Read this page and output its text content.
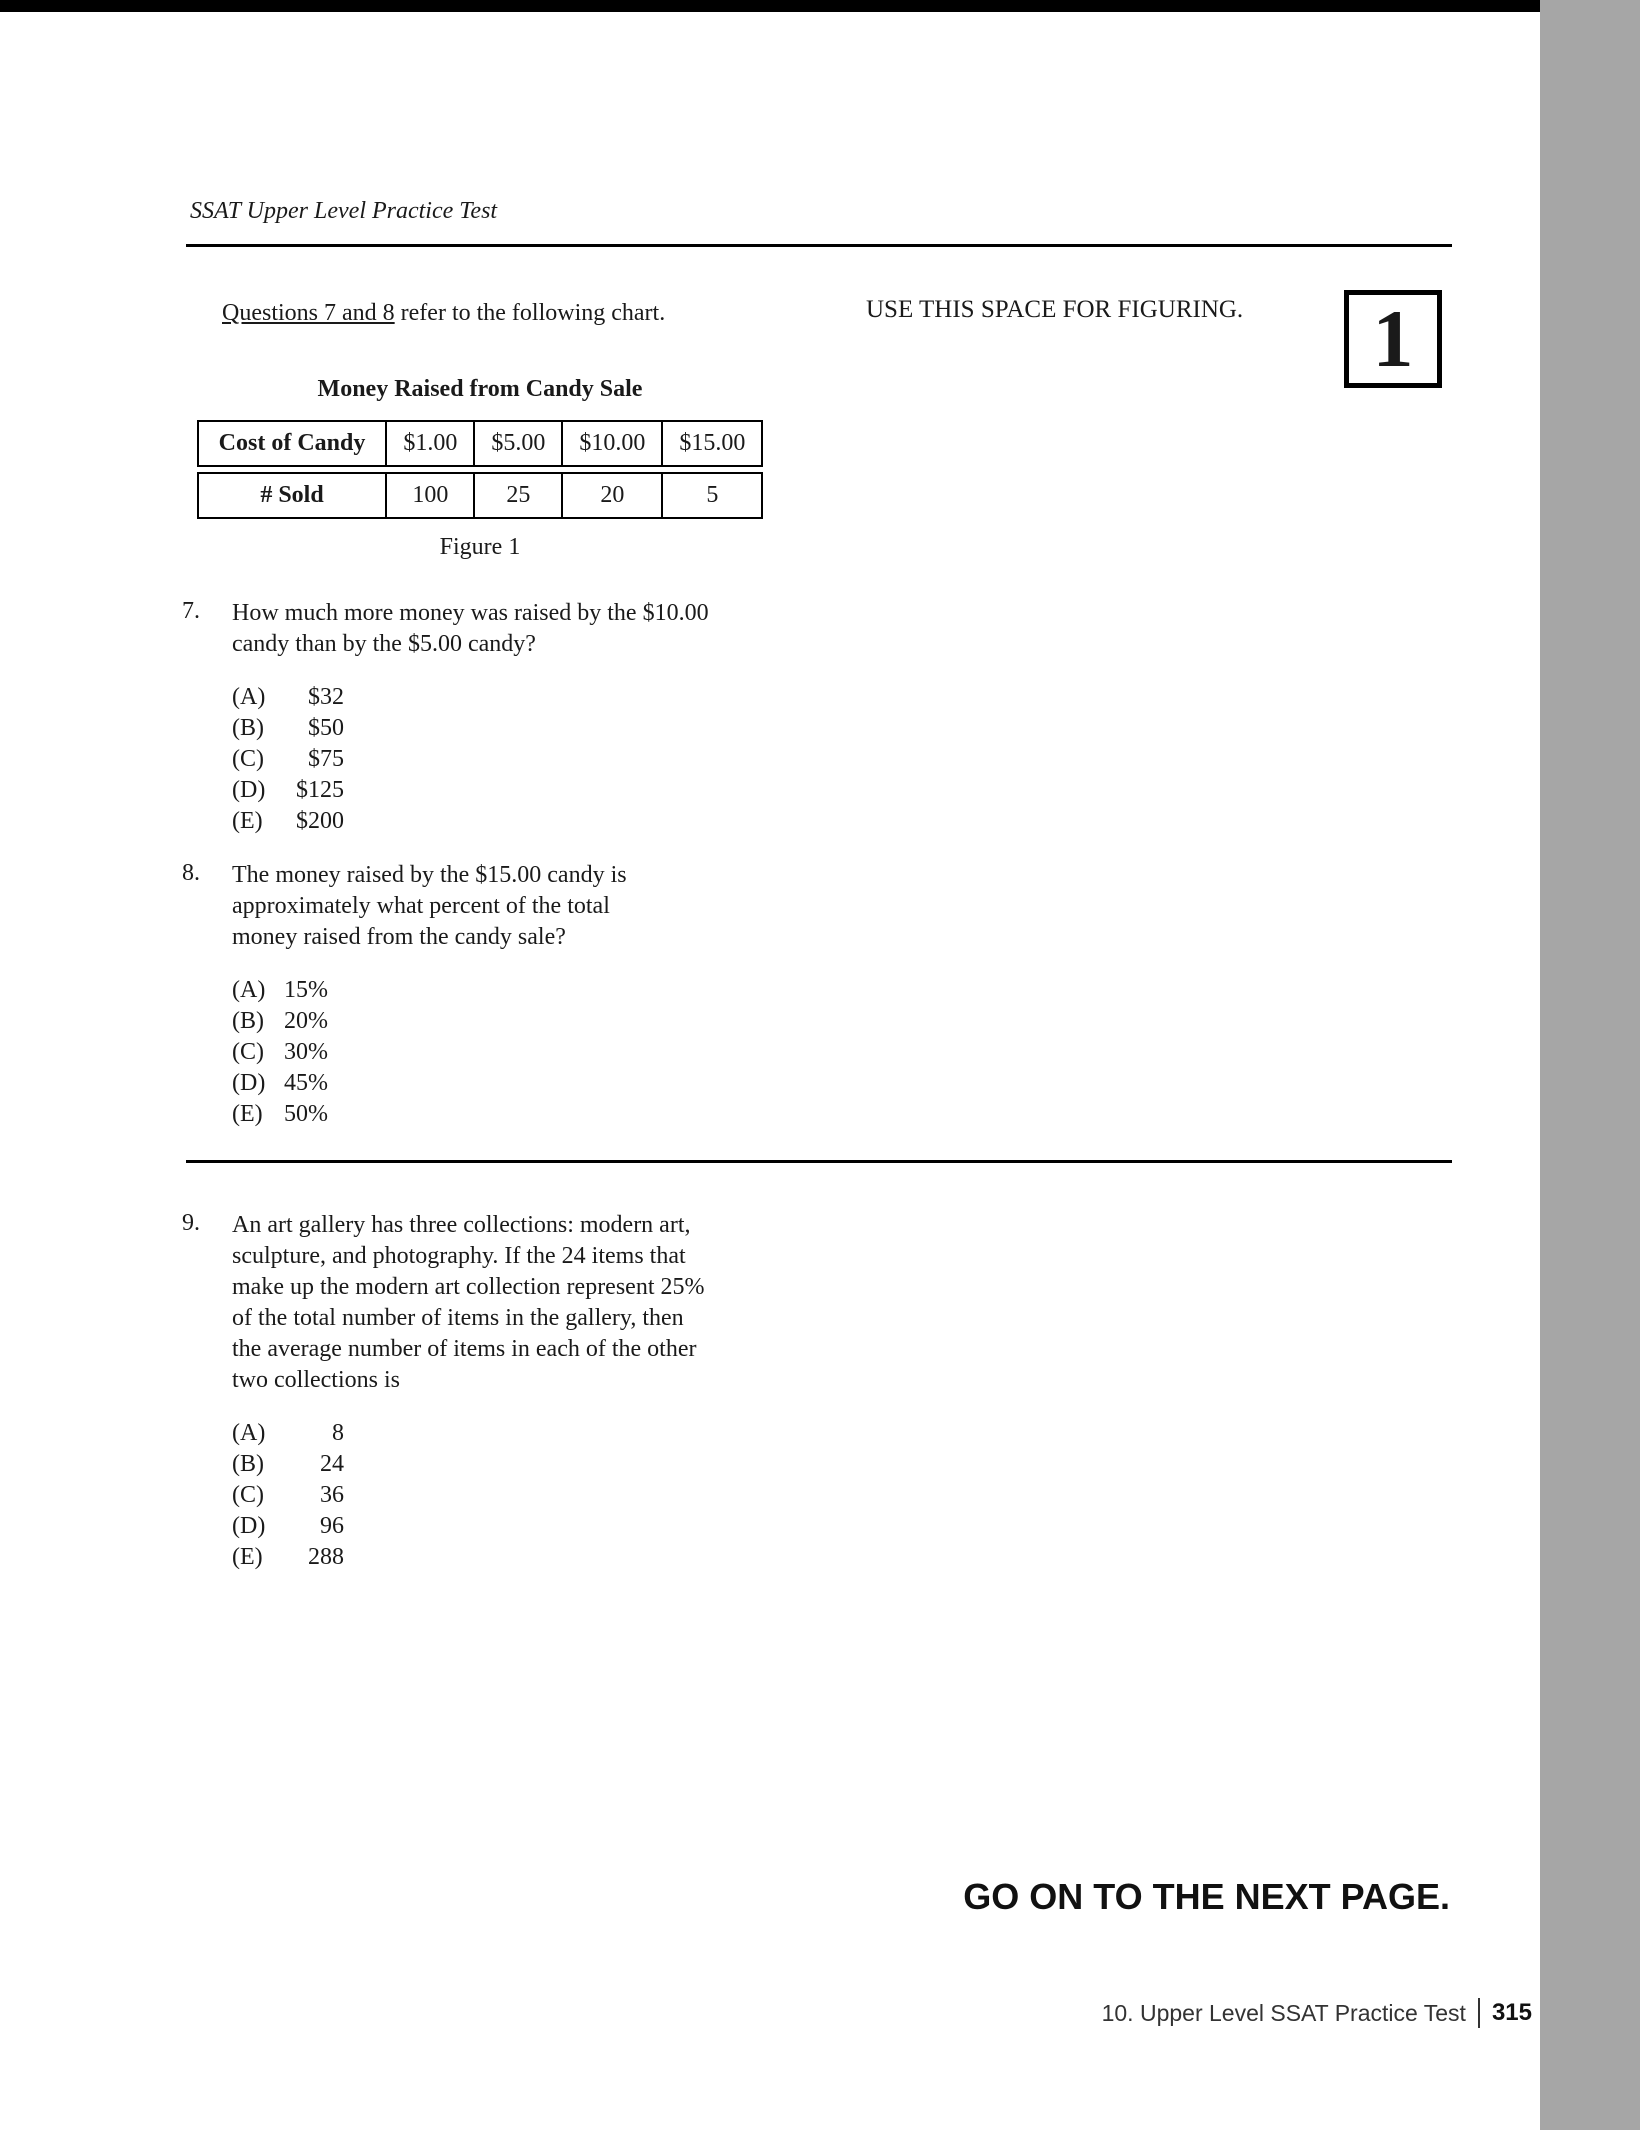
SSAT Upper Level Practice Test
Questions 7 and 8 refer to the following chart.	USE THIS SPACE FOR FIGURING. 1
Money Raised from Candy Sale
Cost of Candy	$1.00	$5.00	$10.00	$15.00
# Sold	100	25	20	5
Figure 1
7.	How much more money was raised by the $10.00
candy than by the $5.00 candy?
(A)	$32
(B)	$50
(C)	$75
(D)	$125
(E)	$200
8.	The money raised by the $15.00 candy is
approximately what percent of the total
money raised from the candy sale?
(A) 15%
(B) 20%
(C) 30%
(D) 45%
(E) 50%
9.	An art gallery has three collections: modern art,
sculpture, and photography. If the 24 items that
make up the modern art collection represent 25%
of the total number of items in the gallery, then
the average number of items in each of the other
two collections is
(A)	8
(B)	24
(C)	36
(D)	96
(E)	288
GO ON TO THE NEXT PAGE.
10. Upper Level SSAT Practice Test 315
